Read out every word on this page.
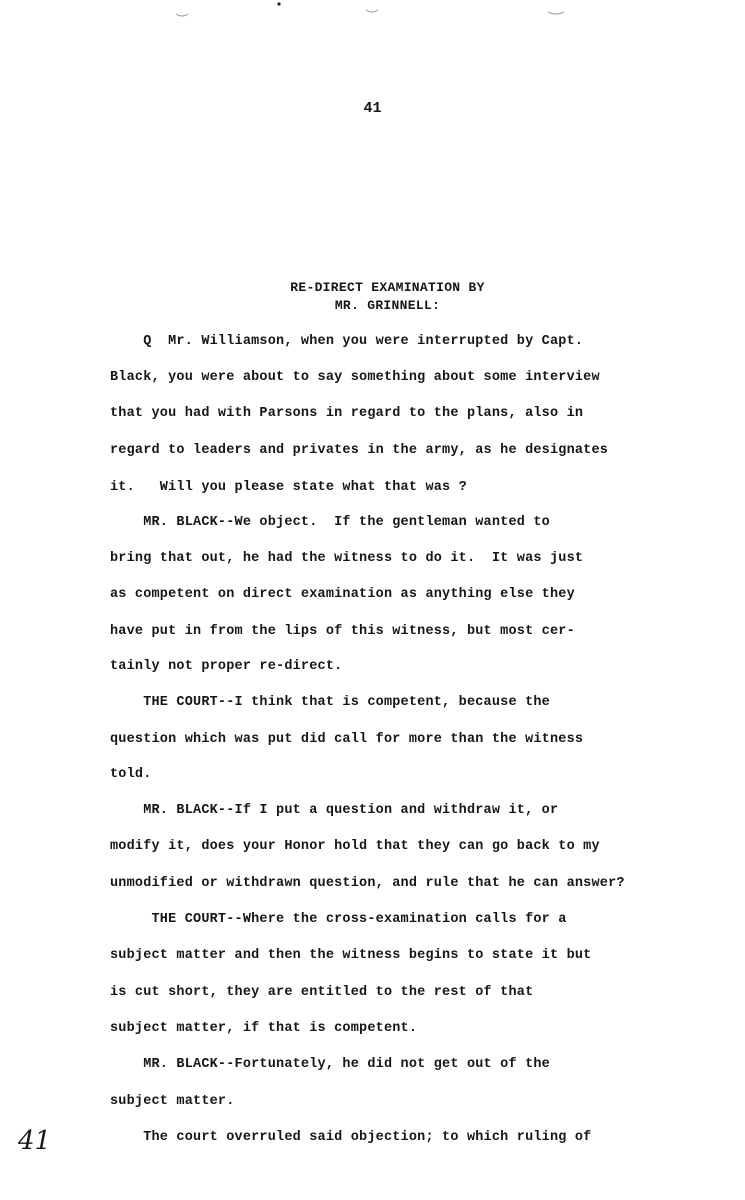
41
RE-DIRECT EXAMINATION BY
MR. GRINNELL:
Q  Mr. Williamson, when you were interrupted by Capt.
Black, you were about to say something about some interview
that you had with Parsons in regard to the plans, also in
regard to leaders and privates in the army, as he designates
it.   Will you please state what that was ?
MR. BLACK--We object.  If the gentleman wanted to
bring that out, he had the witness to do it.  It was just
as competent on direct examination as anything else they
have put in from the lips of this witness, but most cer-
tainly not proper re-direct.
THE COURT--I think that is competent, because the
question which was put did call for more than the witness
told.
MR. BLACK--If I put a question and withdraw it, or
modify it, does your Honor hold that they can go back to my
unmodified or withdrawn question, and rule that he can answer?
THE COURT--Where the cross-examination calls for a
subject matter and then the witness begins to state it but
is cut short, they are entitled to the rest of that
subject matter, if that is competent.
MR. BLACK--Fortunately, he did not get out of the
subject matter.
The court overruled said objection; to which ruling of
41
